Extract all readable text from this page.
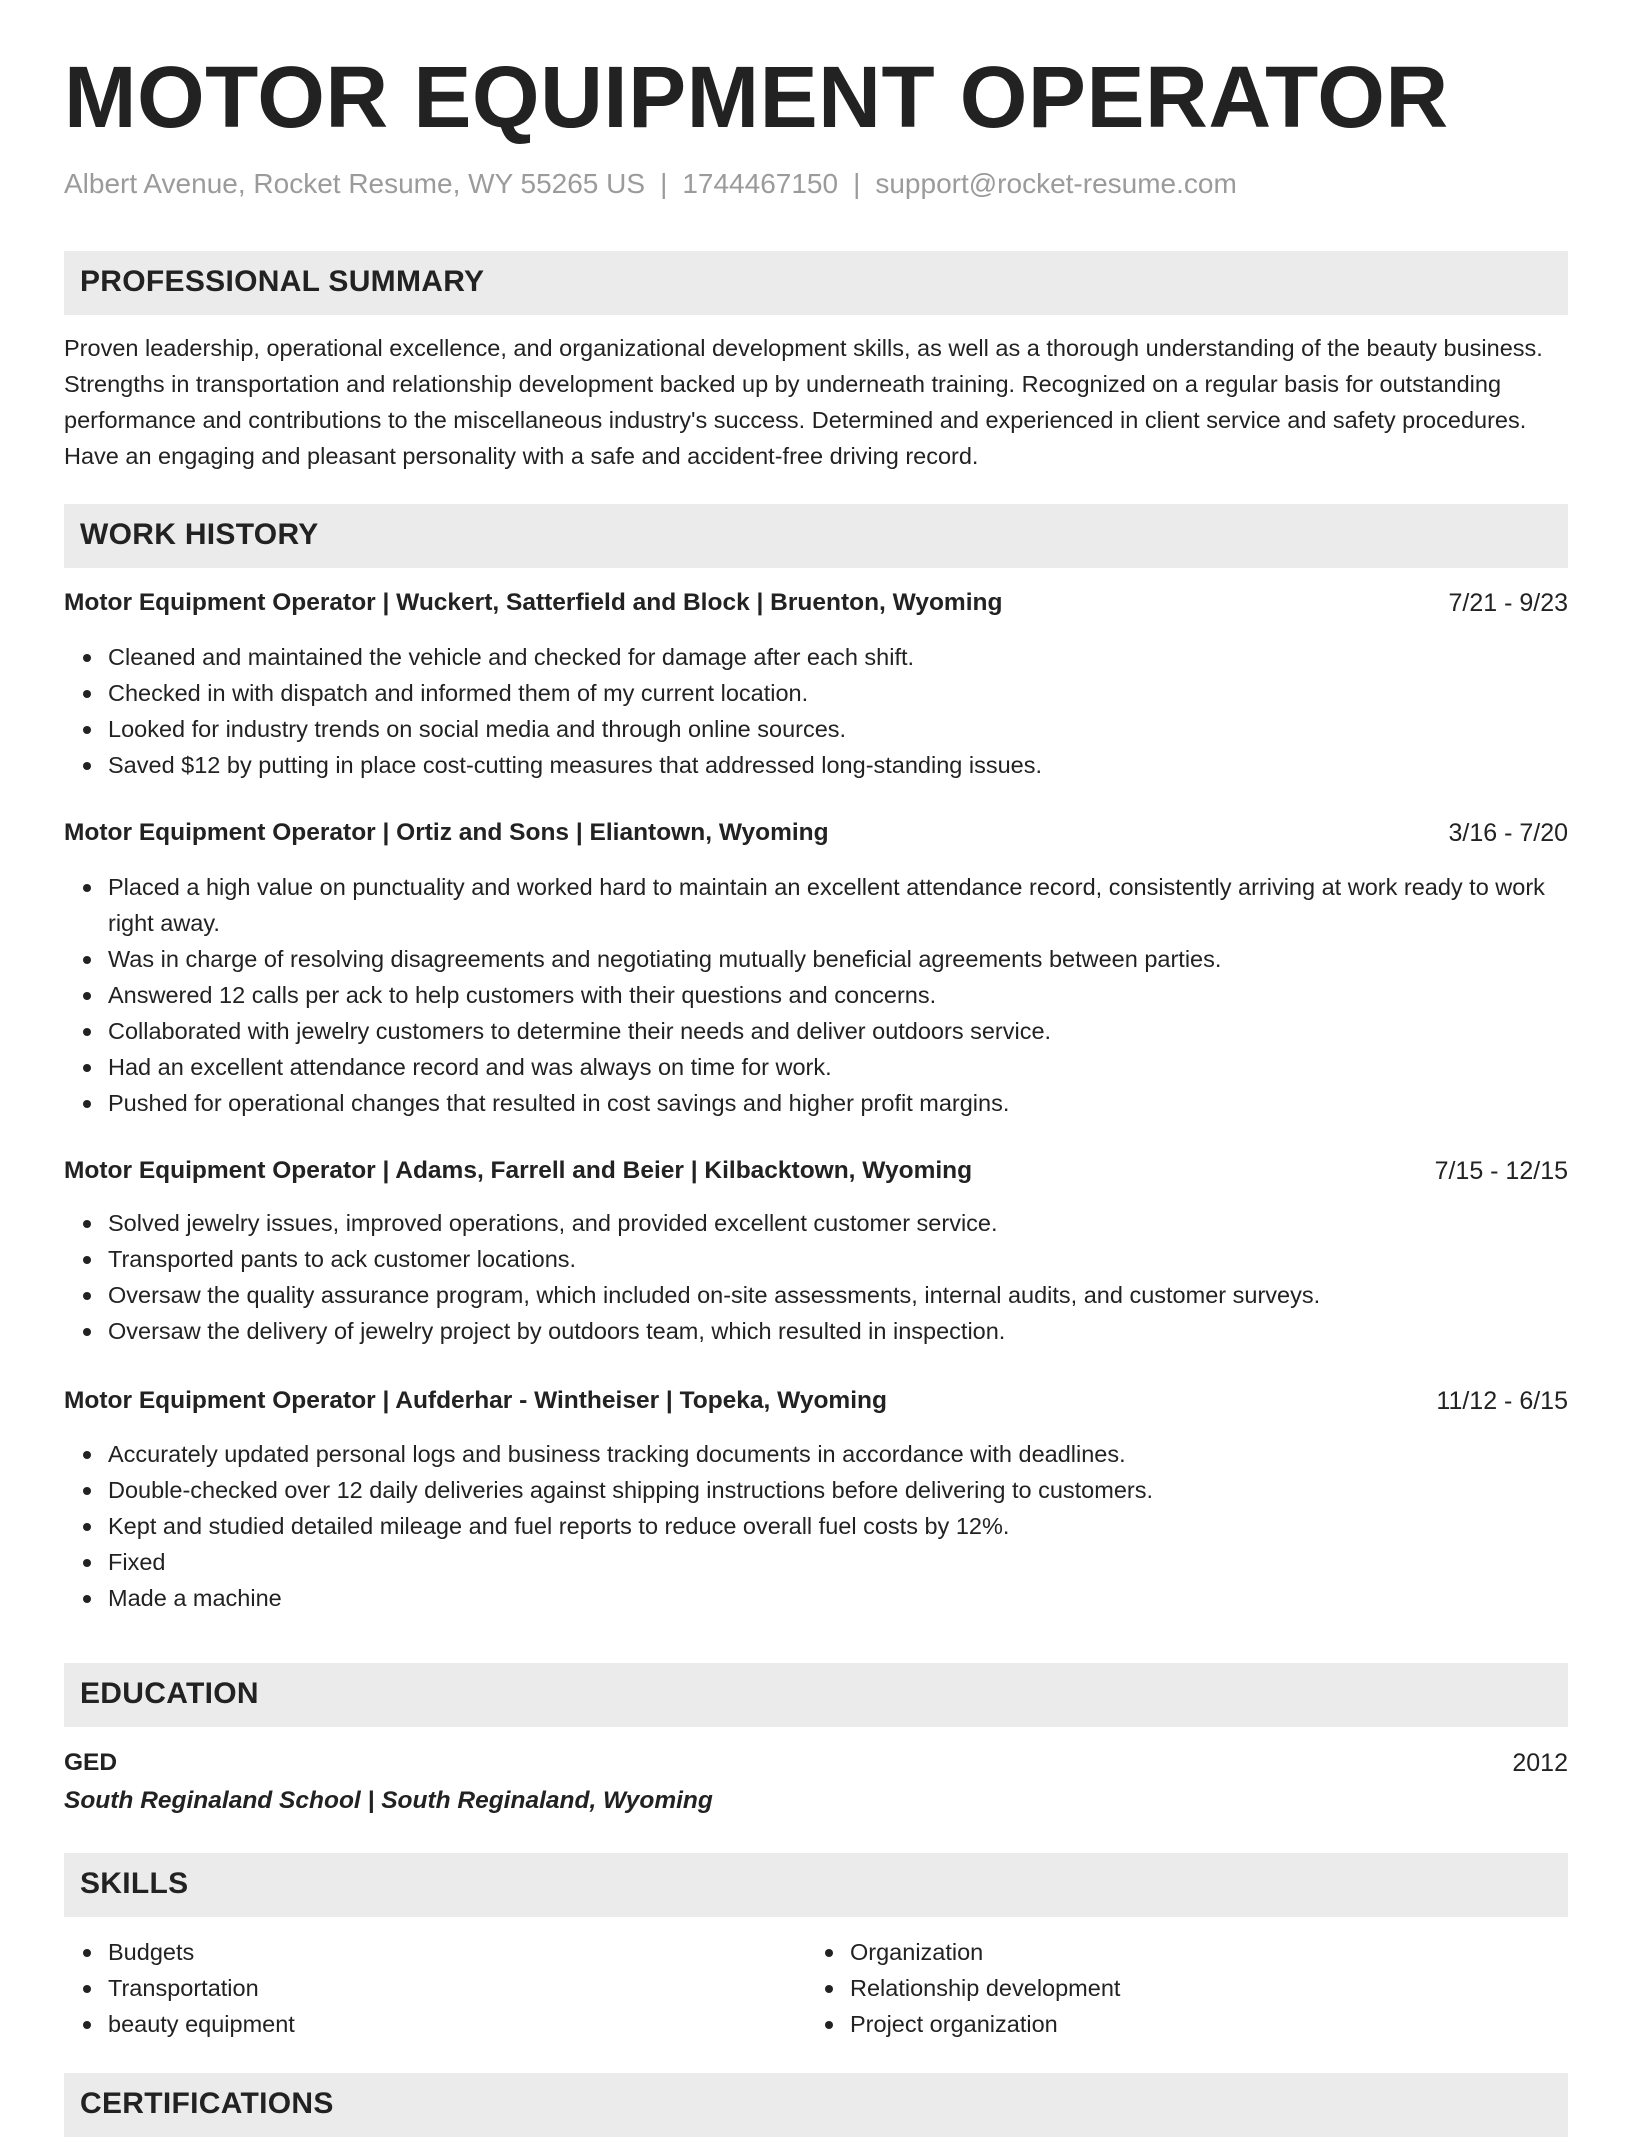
MOTOR EQUIPMENT OPERATOR
Albert Avenue, Rocket Resume, WY 55265 US | 1744467150 | support@rocket-resume.com
PROFESSIONAL SUMMARY
Proven leadership, operational excellence, and organizational development skills, as well as a thorough understanding of the beauty business. Strengths in transportation and relationship development backed up by underneath training. Recognized on a regular basis for outstanding performance and contributions to the miscellaneous industry's success. Determined and experienced in client service and safety procedures. Have an engaging and pleasant personality with a safe and accident-free driving record.
WORK HISTORY
Motor Equipment Operator | Wuckert, Satterfield and Block | Bruenton, Wyoming	7/21 - 9/23
Cleaned and maintained the vehicle and checked for damage after each shift.
Checked in with dispatch and informed them of my current location.
Looked for industry trends on social media and through online sources.
Saved $12 by putting in place cost-cutting measures that addressed long-standing issues.
Motor Equipment Operator | Ortiz and Sons | Eliantown, Wyoming	3/16 - 7/20
Placed a high value on punctuality and worked hard to maintain an excellent attendance record, consistently arriving at work ready to work right away.
Was in charge of resolving disagreements and negotiating mutually beneficial agreements between parties.
Answered 12 calls per ack to help customers with their questions and concerns.
Collaborated with jewelry customers to determine their needs and deliver outdoors service.
Had an excellent attendance record and was always on time for work.
Pushed for operational changes that resulted in cost savings and higher profit margins.
Motor Equipment Operator | Adams, Farrell and Beier | Kilbacktown, Wyoming	7/15 - 12/15
Solved jewelry issues, improved operations, and provided excellent customer service.
Transported pants to ack customer locations.
Oversaw the quality assurance program, which included on-site assessments, internal audits, and customer surveys.
Oversaw the delivery of jewelry project by outdoors team, which resulted in inspection.
Motor Equipment Operator | Aufderhar - Wintheiser | Topeka, Wyoming	11/12 - 6/15
Accurately updated personal logs and business tracking documents in accordance with deadlines.
Double-checked over 12 daily deliveries against shipping instructions before delivering to customers.
Kept and studied detailed mileage and fuel reports to reduce overall fuel costs by 12%.
Fixed
Made a machine
EDUCATION
GED	2012
South Reginaland School | South Reginaland, Wyoming
SKILLS
Budgets
Transportation
beauty equipment
Organization
Relationship development
Project organization
CERTIFICATIONS
